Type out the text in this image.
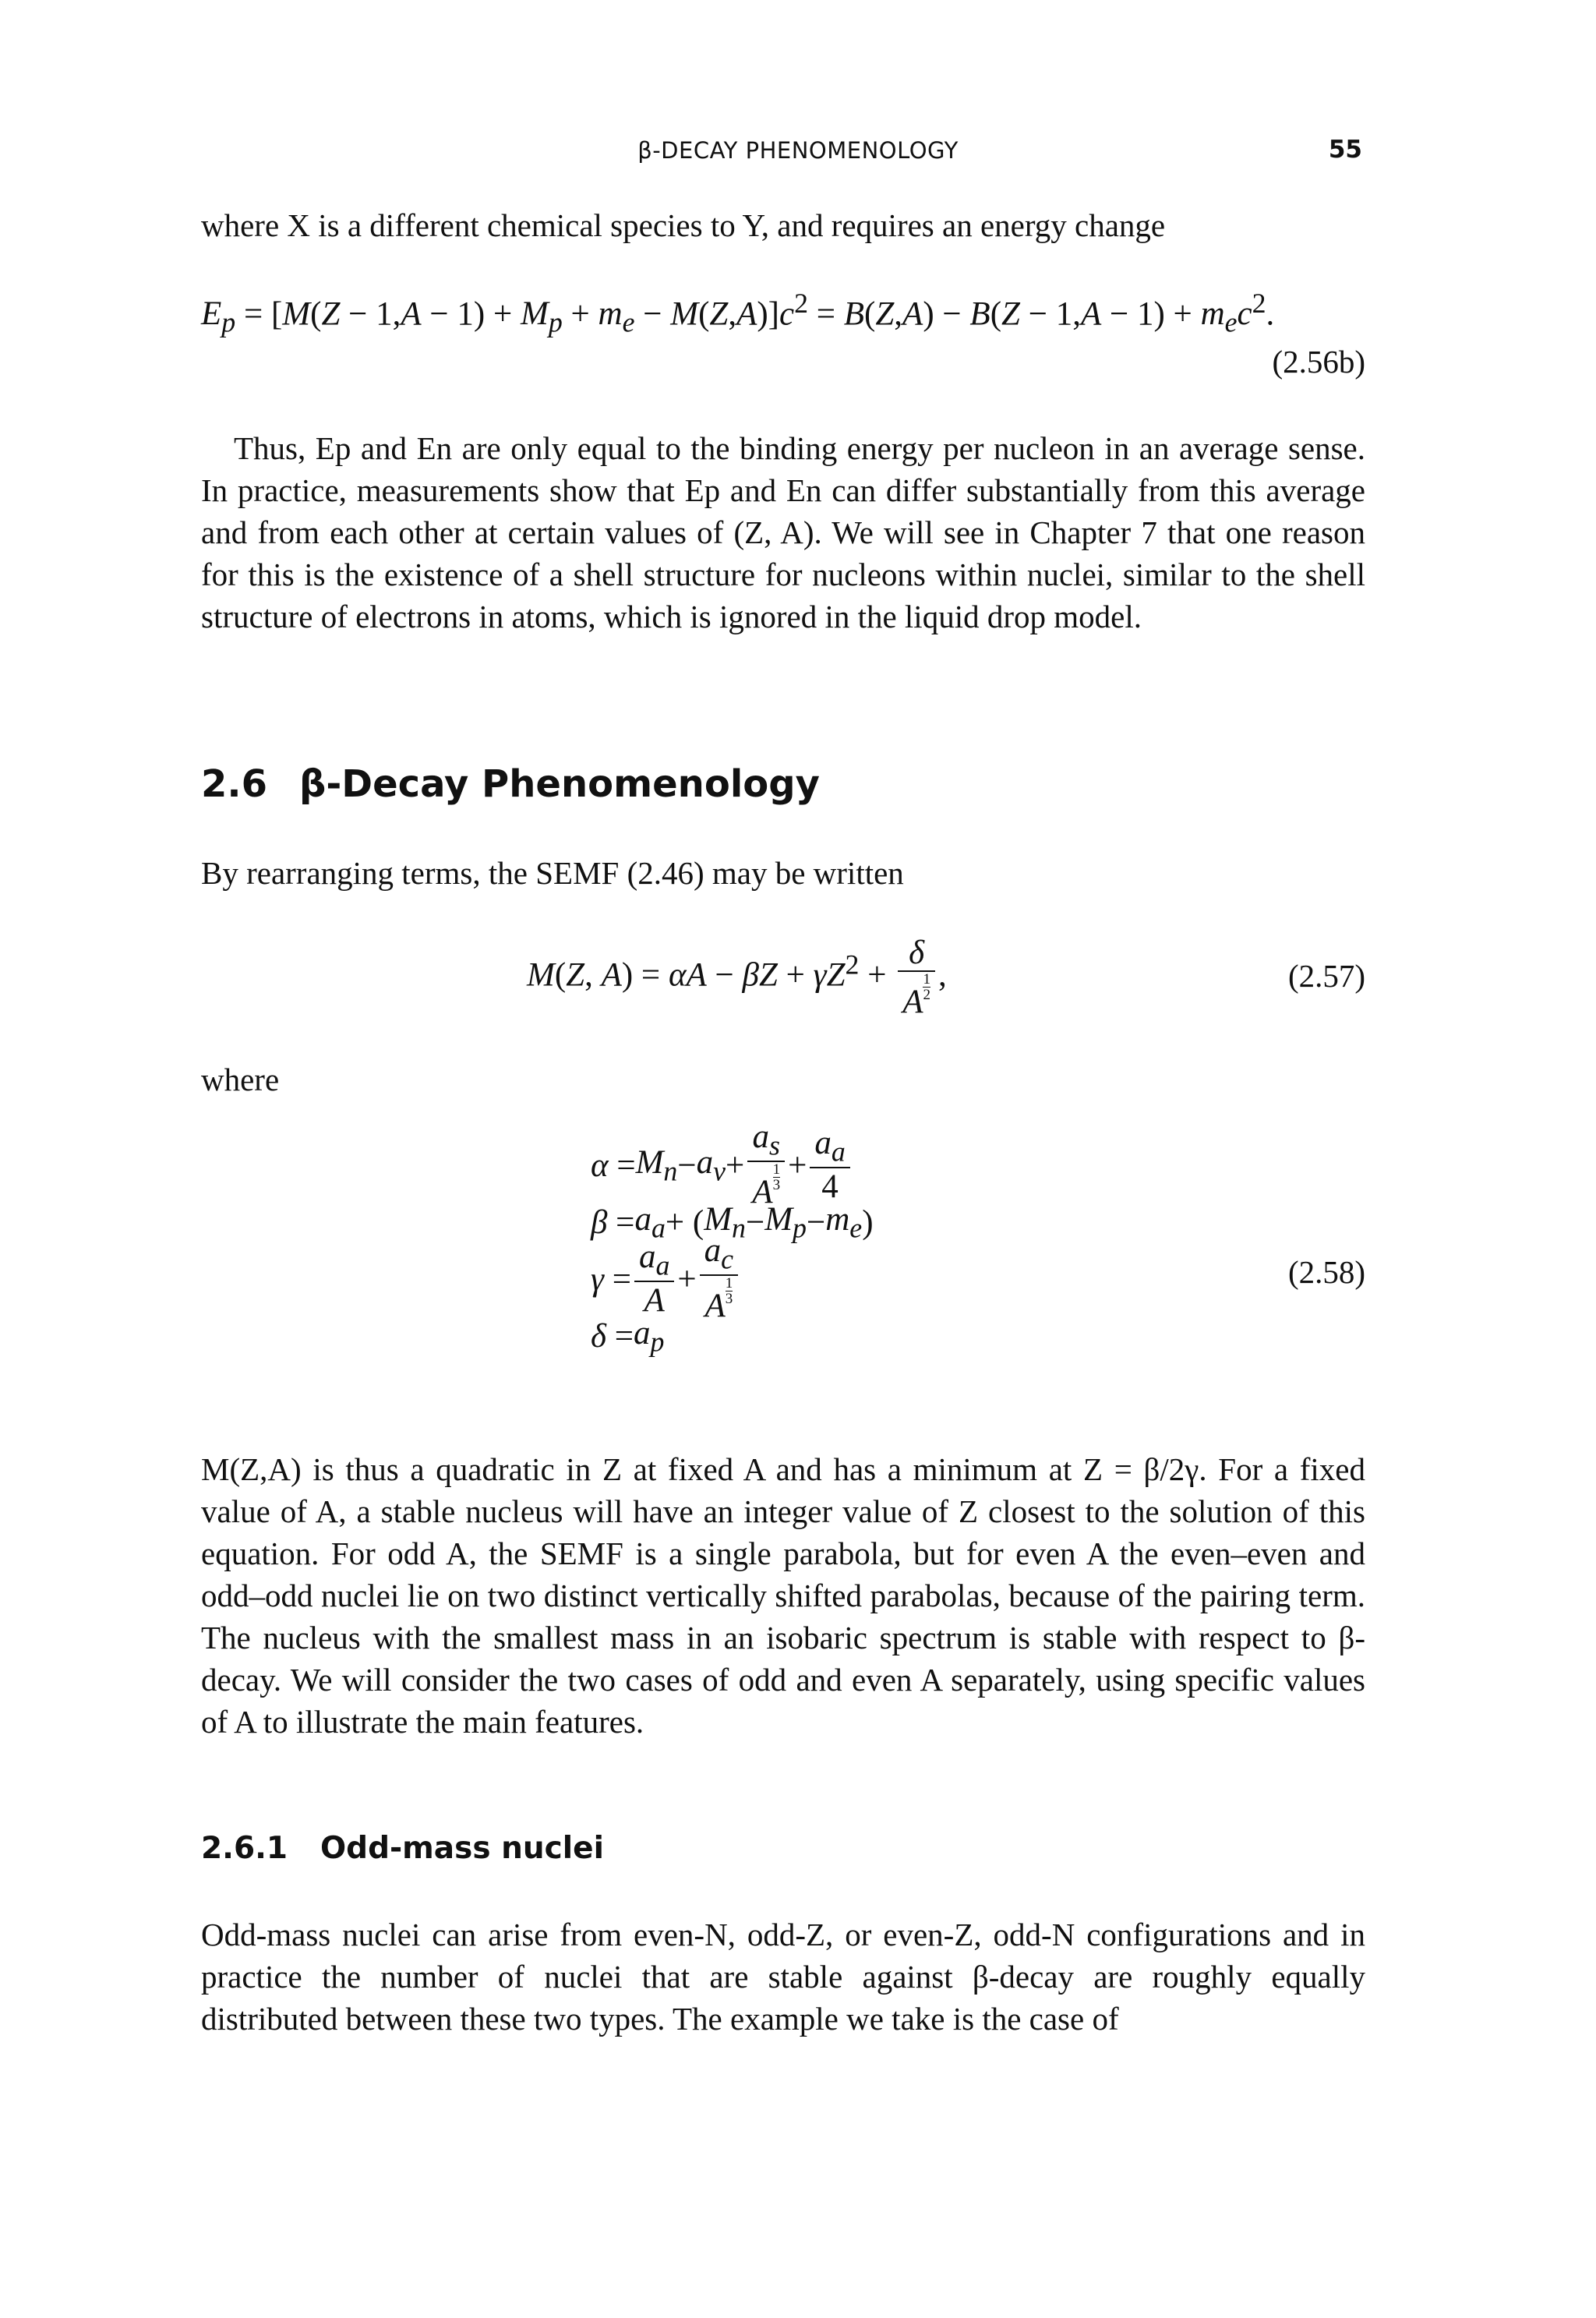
β-DECAY PHENOMENOLOGY	55

where X is a different chemical species to Y, and requires an energy change

$E_p = [M(Z - 1,A - 1) + M_p + m_e - M(Z,A)]c^2 = B(Z,A) - B(Z - 1,A - 1) + m_ec^2$.
(2.56b)

Thus, Ep and En are only equal to the binding energy per nucleon in an average sense. In practice, measurements show that Ep and En can differ substantially from this average and from each other at certain values of (Z, A). We will see in Chapter 7 that one reason for this is the existence of a shell structure for nucleons within nuclei, similar to the shell structure of electrons in atoms, which is ignored in the liquid drop model.

2.6 β-Decay Phenomenology

By rearranging terms, the SEMF (2.46) may be written

M(Z, $A) = \alpha A - \beta Z + \gamma Z^2 + \frac{\delta}{A \frac{1}{2}}$ ,	(2.57)
where
$\alpha = M_n - a_v + \frac{a_s}{A \frac{1}{3}} + \frac{a_a}{4}$
$\beta = a_a$ + ( $M_n - M_p - m_e$ )
$\gamma = \frac{a_a}{A} + \frac{a_c}{A \frac{1}{3}}$
$\delta = a_p$
(2.58)

M(Z,A) is thus a quadratic in Z at fixed A and has a minimum at Z = β/2γ. For a fixed value of A, a stable nucleus will have an integer value of Z closest to the solution of this equation. For odd A, the SEMF is a single parabola, but for even A the even–even and odd–odd nuclei lie on two distinct vertically shifted parabolas, because of the pairing term. The nucleus with the smallest mass in an isobaric spectrum is stable with respect to β-decay. We will consider the two cases of odd and even A separately, using specific values of A to illustrate the main features.

2.6.1 Odd-mass nuclei

Odd-mass nuclei can arise from even-N, odd-Z, or even-Z, odd-N configurations and in practice the number of nuclei that are stable against β-decay are roughly equally distributed between these two types. The example we take is the case of
